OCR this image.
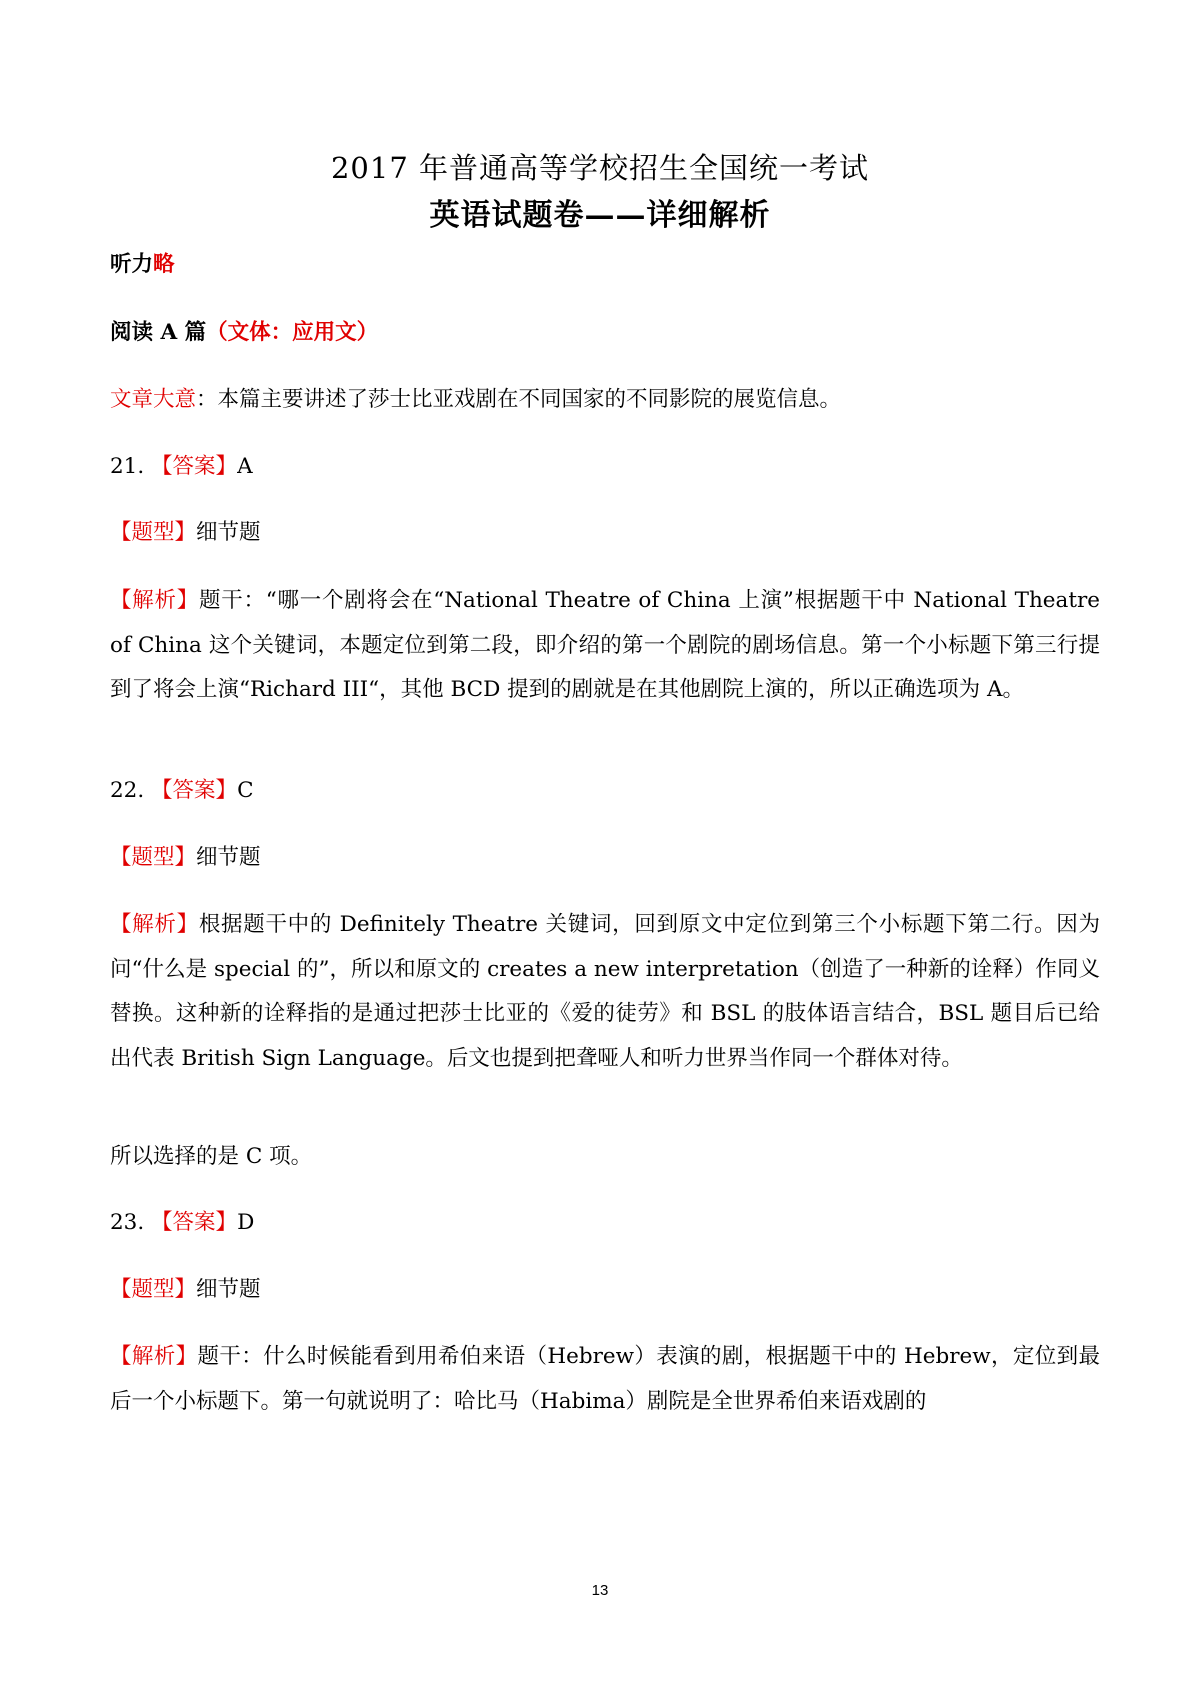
2017 年普通高等学校招生全国统一考试
英语试题卷——详细解析
听力略
阅读 A 篇（文体：应用文）
文章大意：本篇主要讲述了莎士比亚戏剧在不同国家的不同影院的展览信息。
21. 【答案】A
【题型】细节题
【解析】题干：“哪一个剧将会在“National Theatre of China 上演”根据题干中 National Theatre of China 这个关键词，本题定位到第二段，即介绍的第一个剧院的剧场信息。第一个小标题下第三行提到了将会上演“Richard III“，其他 BCD 提到的剧就是在其他剧院上演的，所以正确选项为 A。
22. 【答案】C
【题型】细节题
【解析】根据题干中的 Definitely Theatre 关键词，回到原文中定位到第三个小标题下第二行。因为问“什么是 special 的”，所以和原文的 creates a new interpretation（创造了一种新的诠释）作同义替换。这种新的诠释指的是通过把莎士比亚的《爱的徒劳》和 BSL 的肢体语言结合，BSL 题目后已给出代表 British Sign Language。后文也提到把聋哑人和听力世界当作同一个群体对待。
所以选择的是 C 项。
23. 【答案】D
【题型】细节题
【解析】题干：什么时候能看到用希伯来语（Hebrew）表演的剧，根据题干中的 Hebrew，定位到最后一个小标题下。第一句就说明了：哈比马（Habima）剧院是全世界希伯来语戏剧的
13
